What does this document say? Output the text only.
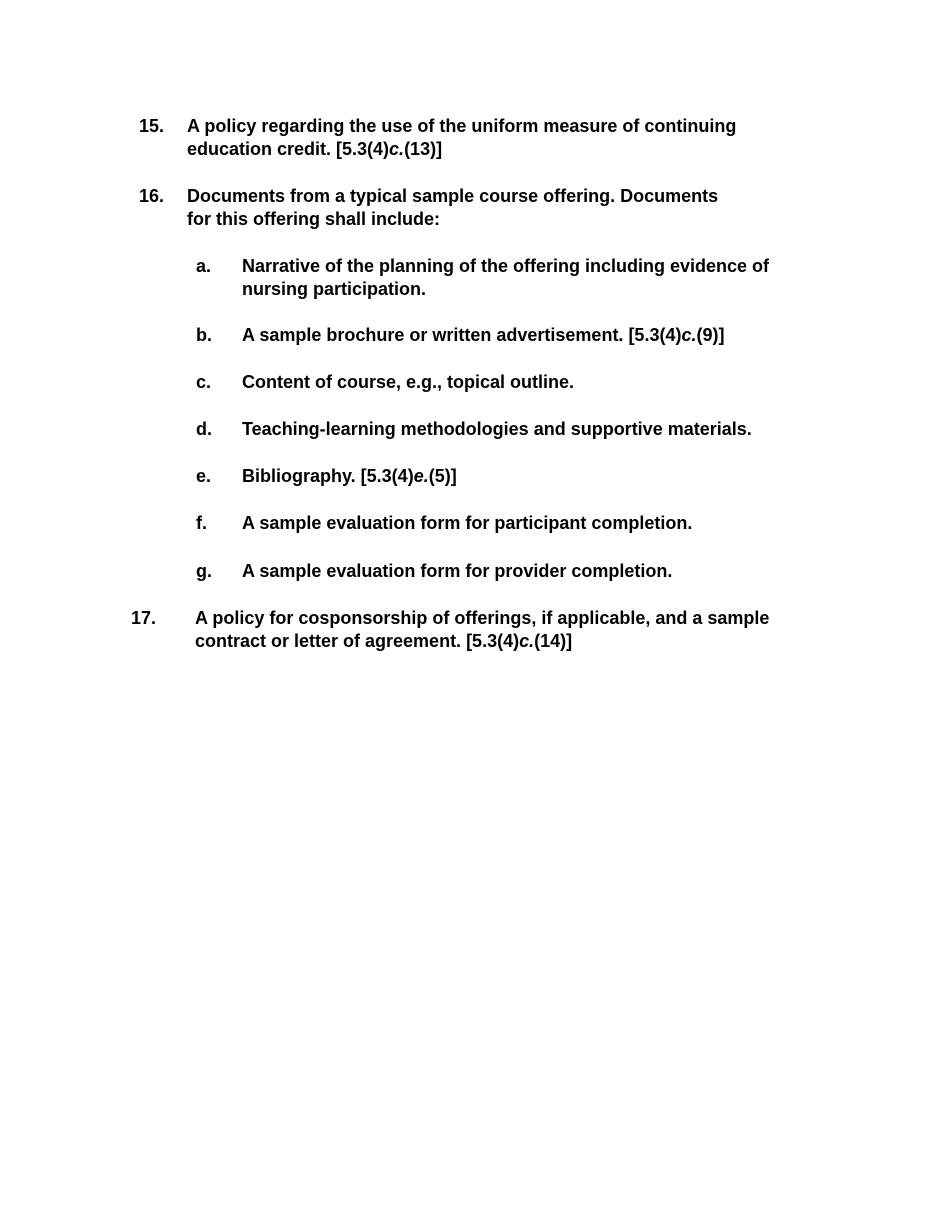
15. A policy regarding the use of the uniform measure of continuing
education credit. [5.3(4)c.(13)]
16. Documents from a typical sample course offering. Documents
for this offering shall include:
a. Narrative of the planning of the offering including evidence of
nursing participation.
b. A sample brochure or written advertisement. [5.3(4)c.(9)]
c. Content of course, e.g., topical outline.
d. Teaching-learning methodologies and supportive materials.
e. Bibliography. [5.3(4)e.(5)]
f. A sample evaluation form for participant completion.
g. A sample evaluation form for provider completion.
17. A policy for cosponsorship of offerings, if applicable, and a sample
contract or letter of agreement. [5.3(4)c.(14)]
